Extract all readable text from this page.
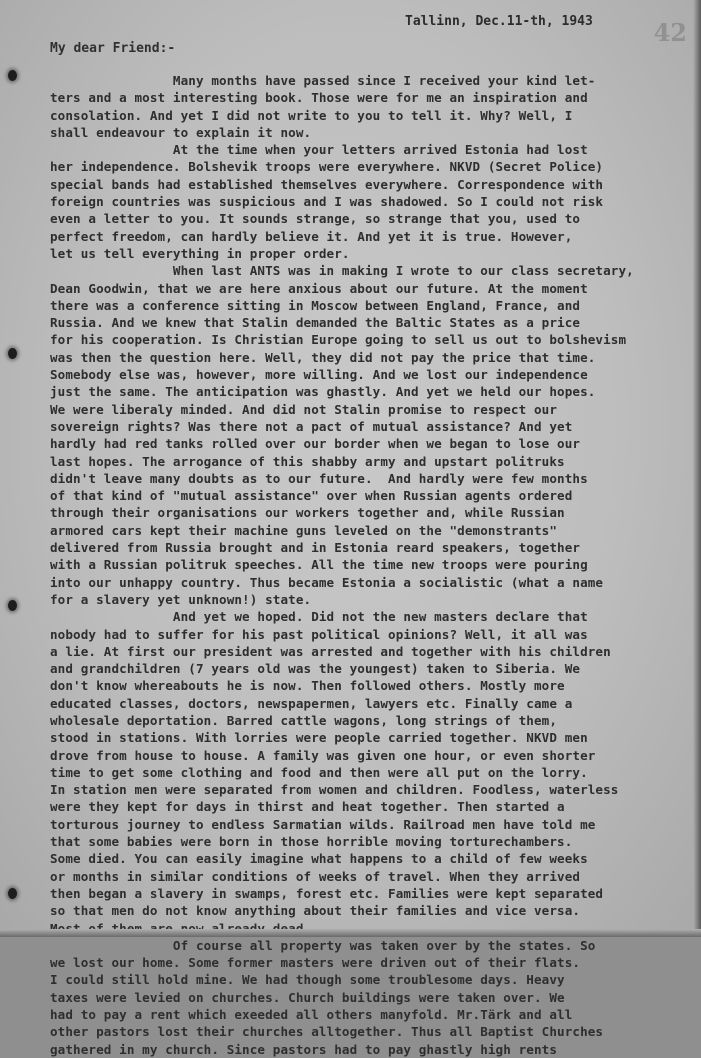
42
Tallinn, Dec.11-th, 1943
My dear Friend:-
Many months have passed since I received your kind let-
ters and a most interesting book. Those were for me an inspiration and
consolation. And yet I did not write to you to tell it. Why? Well, I
shall endeavour to explain it now.
At the time when your letters arrived Estonia had lost
her independence. Bolshevik troops were everywhere. NKVD (Secret Police)
special bands had established themselves everywhere. Correspondence with
foreign countries was suspicious and I was shadowed. So I could not risk
even a letter to you. It sounds strange, so strange that you, used to
perfect freedom, can hardly believe it. And yet it is true. However,
let us tell everything in proper order.
When last ANTS was in making I wrote to our class secretary,
Dean Goodwin, that we are here anxious about our future. At the moment
there was a conference sitting in Moscow between England, France, and
Russia. And we knew that Stalin demanded the Baltic States as a price
for his cooperation. Is Christian Europe going to sell us out to bolshevism
was then the question here. Well, they did not pay the price that time.
Somebody else was, however, more willing. And we lost our independence
just the same. The anticipation was ghastly. And yet we held our hopes.
We were liberaly minded. And did not Stalin promise to respect our
sovereign rights? Was there not a pact of mutual assistance? And yet
hardly had red tanks rolled over our border when we began to lose our
last hopes. The arrogance of this shabby army and upstart politruks
didn't leave many doubts as to our future.  And hardly were few months
of that kind of "mutual assistance" over when Russian agents ordered
through their organisations our workers together and, while Russian
armored cars kept their machine guns leveled on the "demonstrants"
delivered from Russia brought and in Estonia reard speakers, together
with a Russian politruk speeches. All the time new troops were pouring
into our unhappy country. Thus became Estonia a socialistic (what a name
for a slavery yet unknown!) state.
And yet we hoped. Did not the new masters declare that
nobody had to suffer for his past political opinions? Well, it all was
a lie. At first our president was arrested and together with his children
and grandchildren (7 years old was the youngest) taken to Siberia. We
don't know whereabouts he is now. Then followed others. Mostly more
educated classes, doctors, newspapermen, lawyers etc. Finally came a
wholesale deportation. Barred cattle wagons, long strings of them,
stood in stations. With lorries were people carried together. NKVD men
drove from house to house. A family was given one hour, or even shorter
time to get some clothing and food and then were all put on the lorry.
In station men were separated from women and children. Foodless, waterless
were they kept for days in thirst and heat together. Then started a
torturous journey to endless Sarmatian wilds. Railroad men have told me
that some babies were born in those horrible moving torturechambers.
Some died. You can easily imagine what happens to a child of few weeks
or months in similar conditions of weeks of travel. When they arrived
then began a slavery in swamps, forest etc. Families were kept separated
so that men do not know anything about their families and vice versa.
Of course all property was taken over by the states. So
we lost our home. Some former masters were driven out of their flats.
I could still hold mine. We had though some troublesome days. Heavy
taxes were levied on churches. Church buildings were taken over. We
had to pay a rent which exeeded all others manyfold. Mr.Tärk and all
other pastors lost their churches alltogether. Thus all Baptist Churches
gathered in my church. Since pastors had to pay ghastly high rents
